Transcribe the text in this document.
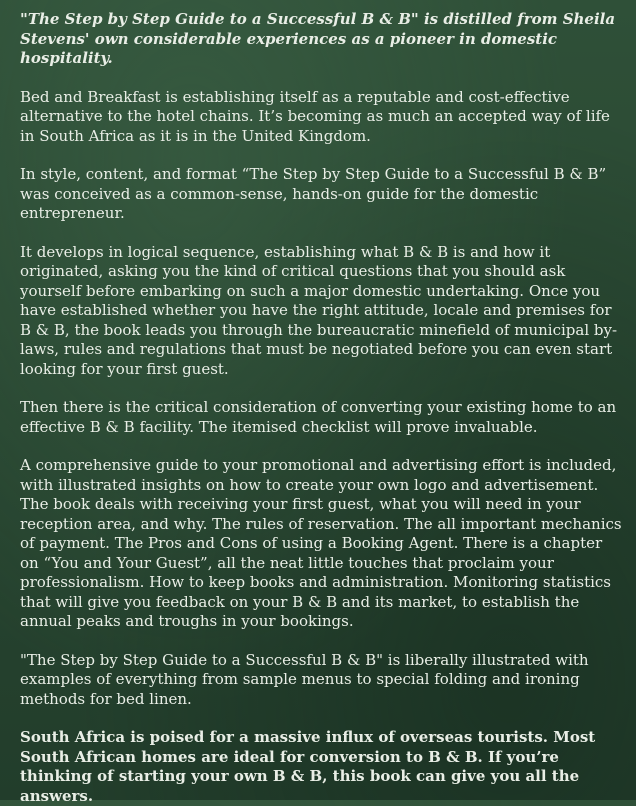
"The Step by Step Guide to a Successful B & B" is distilled from Sheila Stevens' own considerable experiences as a pioneer in domestic hospitality.

Bed and Breakfast is establishing itself as a reputable and cost-effective alternative to the hotel chains. It’s becoming as much an accepted way of life in South Africa as it is in the United Kingdom.

In style, content, and format “The Step by Step Guide to a Successful B & B” was conceived as a common-sense, hands-on guide for the domestic entrepreneur.

It develops in logical sequence, establishing what B & B is and how it originated, asking you the kind of critical questions that you should ask yourself before embarking on such a major domestic undertaking. Once you have established whether you have the right attitude, locale and premises for B & B, the book leads you through the bureaucratic minefield of municipal by-laws, rules and regulations that must be negotiated before you can even start looking for your first guest.

Then there is the critical consideration of converting your existing home to an effective B & B facility. The itemised checklist will prove invaluable.

A comprehensive guide to your promotional and advertising effort is included, with illustrated insights on how to create your own logo and advertisement. The book deals with receiving your first guest, what you will need in your reception area, and why. The rules of reservation. The all important mechanics of payment. The Pros and Cons of using a Booking Agent. There is a chapter on “You and Your Guest”, all the neat little touches that proclaim your professionalism. How to keep books and administration. Monitoring statistics that will give you feedback on your B & B and its market, to establish the annual peaks and troughs in your bookings.

"The Step by Step Guide to a Successful B & B" is liberally illustrated with examples of everything from sample menus to special folding and ironing methods for bed linen.

South Africa is poised for a massive influx of overseas tourists. Most South African homes are ideal for conversion to B & B. If you’re thinking of starting your own B & B, this book can give you all the answers.
